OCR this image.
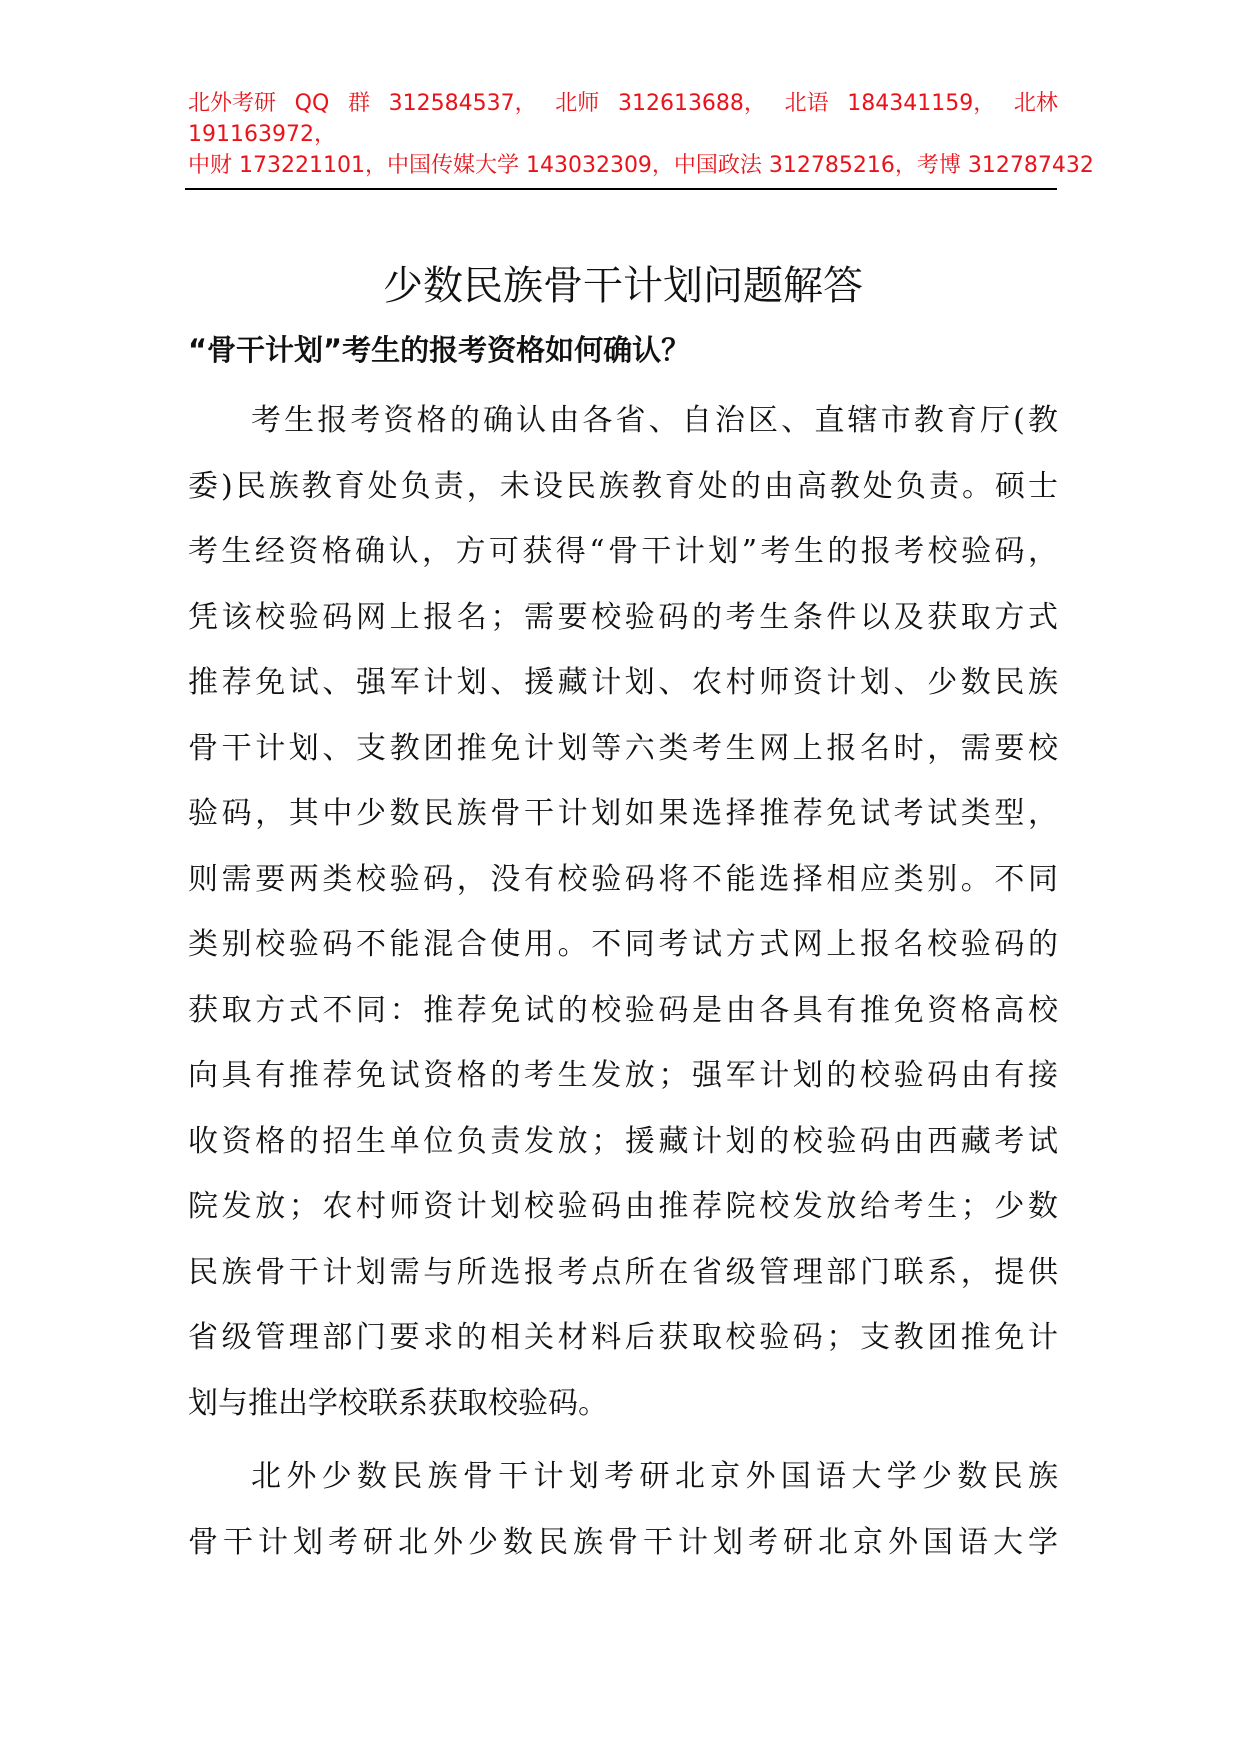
北外考研 QQ 群 312584537， 北师 312613688， 北语 184341159， 北林
191163972，
中财 173221101，中国传媒大学 143032309，中国政法 312785216，考博 312787432
少数民族骨干计划问题解答
“骨干计划”考生的报考资格如何确认？
考生报考资格的确认由各省、自治区、直辖市教育厅(教
委)民族教育处负责，未设民族教育处的由高教处负责。硕士
考生经资格确认，方可获得“骨干计划”考生的报考校验码，
凭该校验码网上报名；需要校验码的考生条件以及获取方式
推荐免试、强军计划、援藏计划、农村师资计划、少数民族
骨干计划、支教团推免计划等六类考生网上报名时，需要校
验码，其中少数民族骨干计划如果选择推荐免试考试类型，
则需要两类校验码，没有校验码将不能选择相应类别。不同
类别校验码不能混合使用。不同考试方式网上报名校验码的
获取方式不同：推荐免试的校验码是由各具有推免资格高校
向具有推荐免试资格的考生发放；强军计划的校验码由有接
收资格的招生单位负责发放；援藏计划的校验码由西藏考试
院发放；农村师资计划校验码由推荐院校发放给考生；少数
民族骨干计划需与所选报考点所在省级管理部门联系，提供
省级管理部门要求的相关材料后获取校验码；支教团推免计
划与推出学校联系获取校验码。
北外少数民族骨干计划考研北京外国语大学少数民族
骨干计划考研北外少数民族骨干计划考研北京外国语大学
